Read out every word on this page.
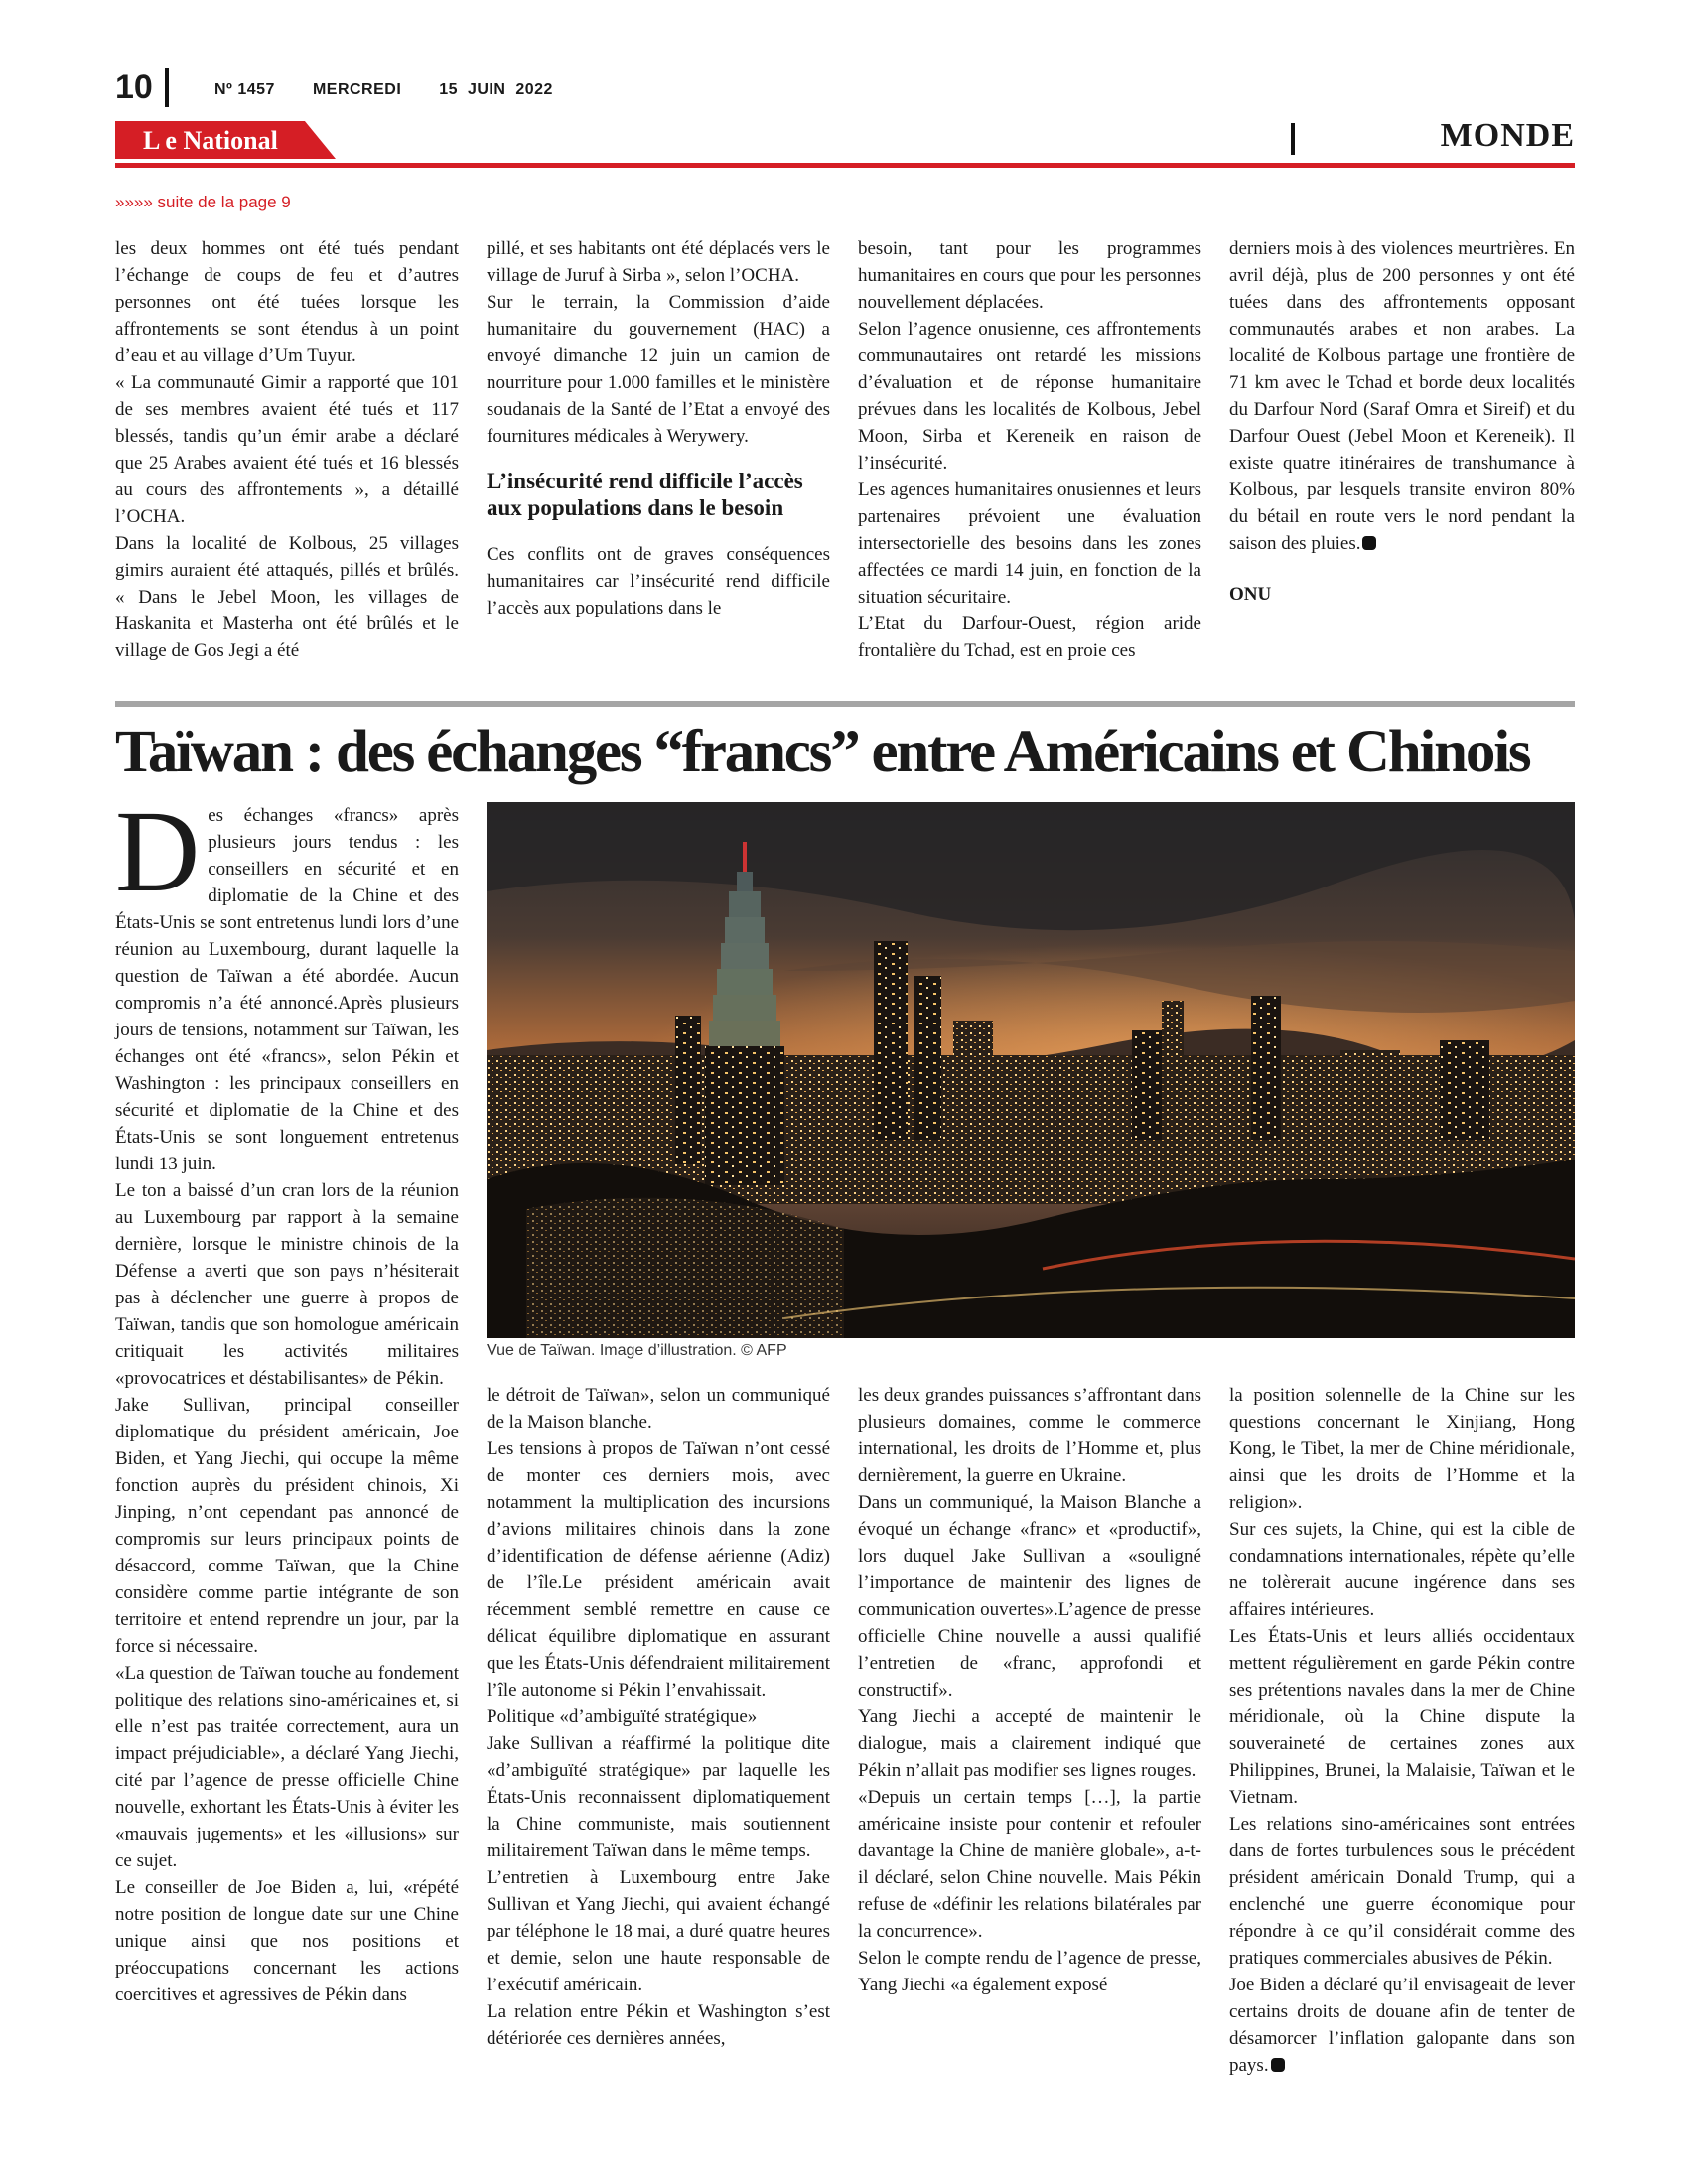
10	Nº 1457 MERCREDI 15  JUIN  2022
L e National	MONDE
»»»» suite de la page 9

les deux hommes ont été tués pendant l’échange de coups de feu et d’autres personnes ont été tuées lorsque les affrontements se sont étendus à un point d’eau et au village d’Um Tuyur.

« La communauté Gimir a rapporté que 101 de ses membres avaient été tués et 117 blessés, tandis qu’un émir arabe a déclaré que 25 Arabes avaient été tués et 16 blessés au cours des affrontements », a détaillé l’OCHA.

Dans la localité de Kolbous, 25 villages gimirs auraient été attaqués, pillés et brûlés. « Dans le Jebel Moon, les villages de Haskanita et Masterha ont été brûlés et le village de Gos Jegi a été

pillé, et ses habitants ont été déplacés vers le village de Juruf à Sirba », selon l’OCHA.

Sur le terrain, la Commission d’aide humanitaire du gouvernement (HAC) a envoyé dimanche 12 juin un camion de nourriture pour 1.000 familles et le ministère soudanais de la Santé de l’Etat a envoyé des fournitures médicales à Werywery.

L’insécurité rend difficile l’accès aux populations dans le besoin

Ces conflits ont de graves conséquences humanitaires car l’insécurité rend difficile l’accès aux populations dans le

besoin, tant pour les programmes humanitaires en cours que pour les personnes nouvellement déplacées.

Selon l’agence onusienne, ces affrontements communautaires ont retardé les missions d’évaluation et de réponse humanitaire prévues dans les localités de Kolbous, Jebel Moon, Sirba et Kereneik en raison de l’insécurité.

Les agences humanitaires onusiennes et leurs partenaires prévoient une évaluation intersectorielle des besoins dans les zones affectées ce mardi 14 juin, en fonction de la situation sécuritaire.

L’Etat du Darfour-Ouest, région aride frontalière du Tchad, est en proie ces

derniers mois à des violences meurtrières. En avril déjà, plus de 200 personnes y ont été tuées dans des affrontements opposant communautés arabes et non arabes. La localité de Kolbous partage une frontière de 71 km avec le Tchad et borde deux localités du Darfour Nord (Saraf Omra et Sireif) et du Darfour Ouest (Jebel Moon et Kereneik). Il existe quatre itinéraires de transhumance à Kolbous, par lesquels transite environ 80% du bétail en route vers le nord pendant la saison des pluies.

ONU

Taïwan : des échanges “francs” entre Américains et Chinois

Des échanges «francs» après plusieurs jours tendus : les conseillers en sécurité et en diplomatie de la Chine et des États-Unis se sont entretenus lundi lors d’une réunion au Luxembourg, durant laquelle la question de Taïwan a été abordée. Aucun compromis n’a été annoncé.Après plusieurs jours de tensions, notamment sur Taïwan, les échanges ont été «francs», selon Pékin et Washington : les principaux conseillers en sécurité et diplomatie de la Chine et des États-Unis se sont longuement entretenus lundi 13 juin.

Le ton a baissé d’un cran lors de la réunion au Luxembourg par rapport à la semaine dernière, lorsque le ministre chinois de la Défense a averti que son pays n’hésiterait pas à déclencher une guerre à propos de Taïwan, tandis que son homologue américain critiquait les activités militaires «provocatrices et déstabilisantes» de Pékin.

Jake Sullivan, principal conseiller diplomatique du président américain, Joe Biden, et Yang Jiechi, qui occupe la même fonction auprès du président chinois, Xi Jinping, n’ont cependant pas annoncé de compromis sur leurs principaux points de désaccord, comme Taïwan, que la Chine considère comme partie intégrante de son territoire et entend reprendre un jour, par la force si nécessaire.

«La question de Taïwan touche au fondement politique des relations sino-américaines et, si elle n’est pas traitée correctement, aura un impact préjudiciable», a déclaré Yang Jiechi, cité par l’agence de presse officielle Chine nouvelle, exhortant les États-Unis à éviter les «mauvais jugements» et les «illusions» sur ce sujet.

Le conseiller de Joe Biden a, lui, «répété notre position de longue date sur une Chine unique ainsi que nos positions et préoccupations concernant les actions coercitives et agressives de Pékin dans

Vue de Taïwan. Image d’illustration. © AFP

le détroit de Taïwan», selon un communiqué de la Maison blanche.

Les tensions à propos de Taïwan n’ont cessé de monter ces derniers mois, avec notamment la multiplication des incursions d’avions militaires chinois dans la zone d’identification de défense aérienne (Adiz) de l’île.Le président américain avait récemment semblé remettre en cause ce délicat équilibre diplomatique en assurant que les États-Unis défendraient militairement l’île autonome si Pékin l’envahissait.

Politique «d’ambiguïté stratégique»

Jake Sullivan a réaffirmé la politique dite «d’ambiguïté stratégique» par laquelle les États-Unis reconnaissent diplomatiquement la Chine communiste, mais soutiennent militairement Taïwan dans le même temps.

L’entretien à Luxembourg entre Jake Sullivan et Yang Jiechi, qui avaient échangé par téléphone le 18 mai, a duré quatre heures et demie, selon une haute responsable de l’exécutif américain.

La relation entre Pékin et Washington s’est détériorée ces dernières années,

les deux grandes puissances s’affrontant dans plusieurs domaines, comme le commerce international, les droits de l’Homme et, plus dernièrement, la guerre en Ukraine.

Dans un communiqué, la Maison Blanche a évoqué un échange «franc» et «productif», lors duquel Jake Sullivan a «souligné l’importance de maintenir des lignes de communication ouvertes».L’agence de presse officielle Chine nouvelle a aussi qualifié l’entretien de «franc, approfondi et constructif».

Yang Jiechi a accepté de maintenir le dialogue, mais a clairement indiqué que Pékin n’allait pas modifier ses lignes rouges.

«Depuis un certain temps […], la partie américaine insiste pour contenir et refouler davantage la Chine de manière globale», a-t-il déclaré, selon Chine nouvelle. Mais Pékin refuse de «définir les relations bilatérales par la concurrence».

Selon le compte rendu de l’agence de presse, Yang Jiechi «a également exposé

la position solennelle de la Chine sur les questions concernant le Xinjiang, Hong Kong, le Tibet, la mer de Chine méridionale, ainsi que les droits de l’Homme et la religion».

Sur ces sujets, la Chine, qui est la cible de condamnations internationales, répète qu’elle ne tolèrerait aucune ingérence dans ses affaires intérieures.

Les États-Unis et leurs alliés occidentaux mettent régulièrement en garde Pékin contre ses prétentions navales dans la mer de Chine méridionale, où la Chine dispute la souveraineté de certaines zones aux Philippines, Brunei, la Malaisie, Taïwan et le Vietnam.

Les relations sino-américaines sont entrées dans de fortes turbulences sous le précédent président américain Donald Trump, qui a enclenché une guerre économique pour répondre à ce qu’il considérait comme des pratiques commerciales abusives de Pékin.

Joe Biden a déclaré qu’il envisageait de lever certains droits de douane afin de tenter de désamorcer l’inflation galopante dans son pays.
